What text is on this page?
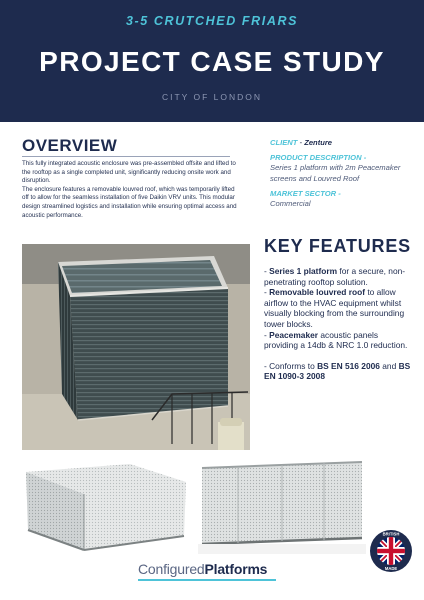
3-5 CRUTCHED FRIARS
PROJECT CASE STUDY
CITY OF LONDON
OVERVIEW

This fully integrated acoustic enclosure was pre-assembled offsite and lifted to the rooftop as a single completed unit, significantly reducing onsite work and disruption.

The enclosure features a removable louvred roof, which was temporarily lifted off to allow for the seamless installation of five Daikin VRV units. This modular design streamlined logistics and installation while ensuring optimal access and acoustic performance.

CLIENT - Zenture
PRODUCT DESCRIPTION -
Series 1 platform with 2m Peacemaker screens and Louvred Roof
MARKET SECTOR -
Commercial
KEY FEATURES
- Series 1 platform for a secure, non-penetrating rooftop solution.
- Removable louvred roof to allow airflow to the HVAC equipment whilst visually blocking from the surrounding tower blocks.
- Peacemaker acoustic panels providing a 14db & NRC 1.0 reduction.
- Conforms to BS EN 516 2006 and BS EN 1090-3 2008
ConfiguredPlatforms
BRITISH
MADE
